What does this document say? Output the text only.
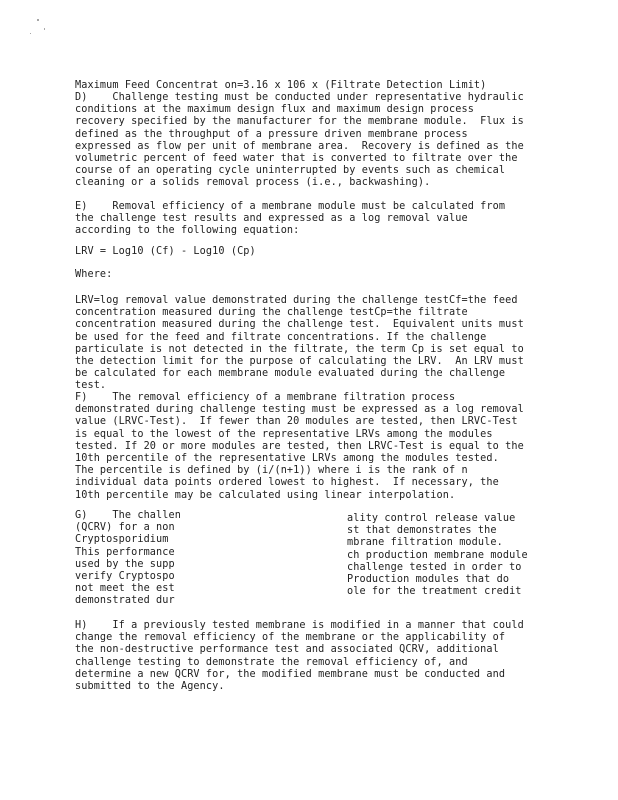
Maximum Feed Concentrat on=3.16 x 106 x (Filtrate Detection Limit)
D)    Challenge testing must be conducted under representative hydraulic
conditions at the maximum design flux and maximum design process
recovery specified by the manufacturer for the membrane module.  Flux is
defined as the throughput of a pressure driven membrane process
expressed as flow per unit of membrane area.  Recovery is defined as the
volumetric percent of feed water that is converted to filtrate over the
course of an operating cycle uninterrupted by events such as chemical
cleaning or a solids removal process (i.e., backwashing).
E)    Removal efficiency of a membrane module must be calculated from
the challenge test results and expressed as a log removal value
according to the following equation:
LRV = Log10 (Cf) - Log10 (Cp)
Where:
LRV=log removal value demonstrated during the challenge testCf=the feed
concentration measured during the challenge testCp=the filtrate
concentration measured during the challenge test.  Equivalent units must
be used for the feed and filtrate concentrations. If the challenge
particulate is not detected in the filtrate, the term Cp is set equal to
the detection limit for the purpose of calculating the LRV.  An LRV must
be calculated for each membrane module evaluated during the challenge
test.
F)    The removal efficiency of a membrane filtration process
demonstrated during challenge testing must be expressed as a log removal
value (LRVC-Test).  If fewer than 20 modules are tested, then LRVC-Test
is equal to the lowest of the representative LRVs among the modules
tested. If 20 or more modules are tested, then LRVC-Test is equal to the
10th percentile of the representative LRVs among the modules tested.
The percentile is defined by (i/(n+1)) where i is the rank of n
individual data points ordered lowest to highest.  If necessary, the
10th percentile may be calculated using linear interpolation.
G)    The challen
(QCRV) for a non
Cryptosporidium
This performance
used by the supp
verify Cryptospo
not meet the est
demonstrated dur
ality control release value
st that demonstrates the
mbrane filtration module.
ch production membrane module
challenge tested in order to
Production modules that do
ole for the treatment credit
H)    If a previously tested membrane is modified in a manner that could
change the removal efficiency of the membrane or the applicability of
the non-destructive performance test and associated QCRV, additional
challenge testing to demonstrate the removal efficiency of, and
determine a new QCRV for, the modified membrane must be conducted and
submitted to the Agency.
